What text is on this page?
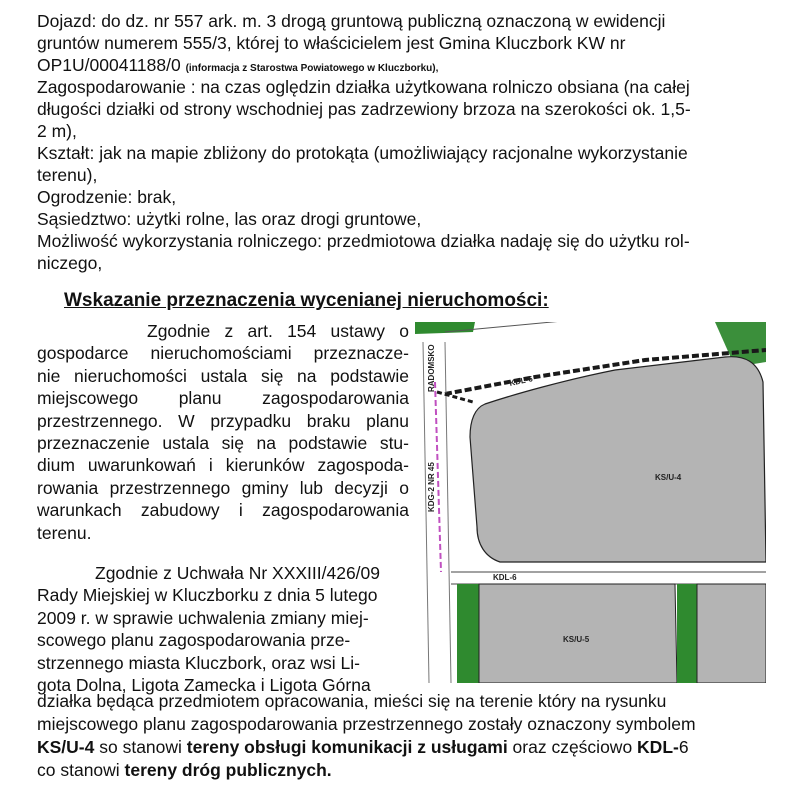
Dojazd: do dz. nr 557 ark. m. 3 drogą gruntową publiczną oznaczoną w ewidencji
gruntów numerem 555/3, której to właścicielem jest Gmina Kluczbork KW nr
OP1U/00041188/0 (informacja z Starostwa Powiatowego w Kluczborku),
Zagospodarowanie : na czas oględzin działka użytkowana rolniczo obsiana (na całej
długości działki od strony wschodniej pas zadrzewiony brzoza na szerokości ok. 1,5-
2 m),
Kształt: jak na mapie zbliżony do protokąta (umożliwiający racjonalne wykorzystanie
terenu),
Ogrodzenie: brak,
Sąsiedztwo: użytki rolne, las oraz drogi gruntowe,
Możliwość wykorzystania rolniczego: przedmiotowa działka nadaję się do użytku rol-
niczego,
Wskazanie przeznaczenia wycenianej nieruchomości:
Zgodnie z art. 154 ustawy o
gospodarce nieruchomościami przeznacze-
nie nieruchomości ustala się na podstawie
miejscowego planu zagospodarowania
przestrzennego. W przypadku braku planu
przeznaczenie ustala się na podstawie stu-
dium uwarunkowań i kierunków zagospoda-
rowania przestrzennego gminy lub decyzji o
warunkach zabudowy i zagospodarowania
terenu.
Zgodnie z Uchwała Nr XXXIII/426/09
Rady Miejskiej w Kluczborku z dnia 5 lutego
2009 r. w sprawie uchwalenia zmiany miej-
scowego planu zagospodarowania prze-
strzennego miasta Kluczbork, oraz wsi Li-
gota Dolna, Ligota Zamecka i Ligota Górna
działka będąca przedmiotem opracowania, mieści się na terenie który na rysunku
miejscowego planu zagospodarowania przestrzennego zostały oznaczony symbolem
KS/U-4 so stanowi tereny obsługi komunikacji z usługami oraz częściowo KDL-6
co stanowi tereny dróg publicznych.
KDL-6
KS/U-4
KDL-6
KS/U-5
KDG-2 NR 45
RADOMSKO
